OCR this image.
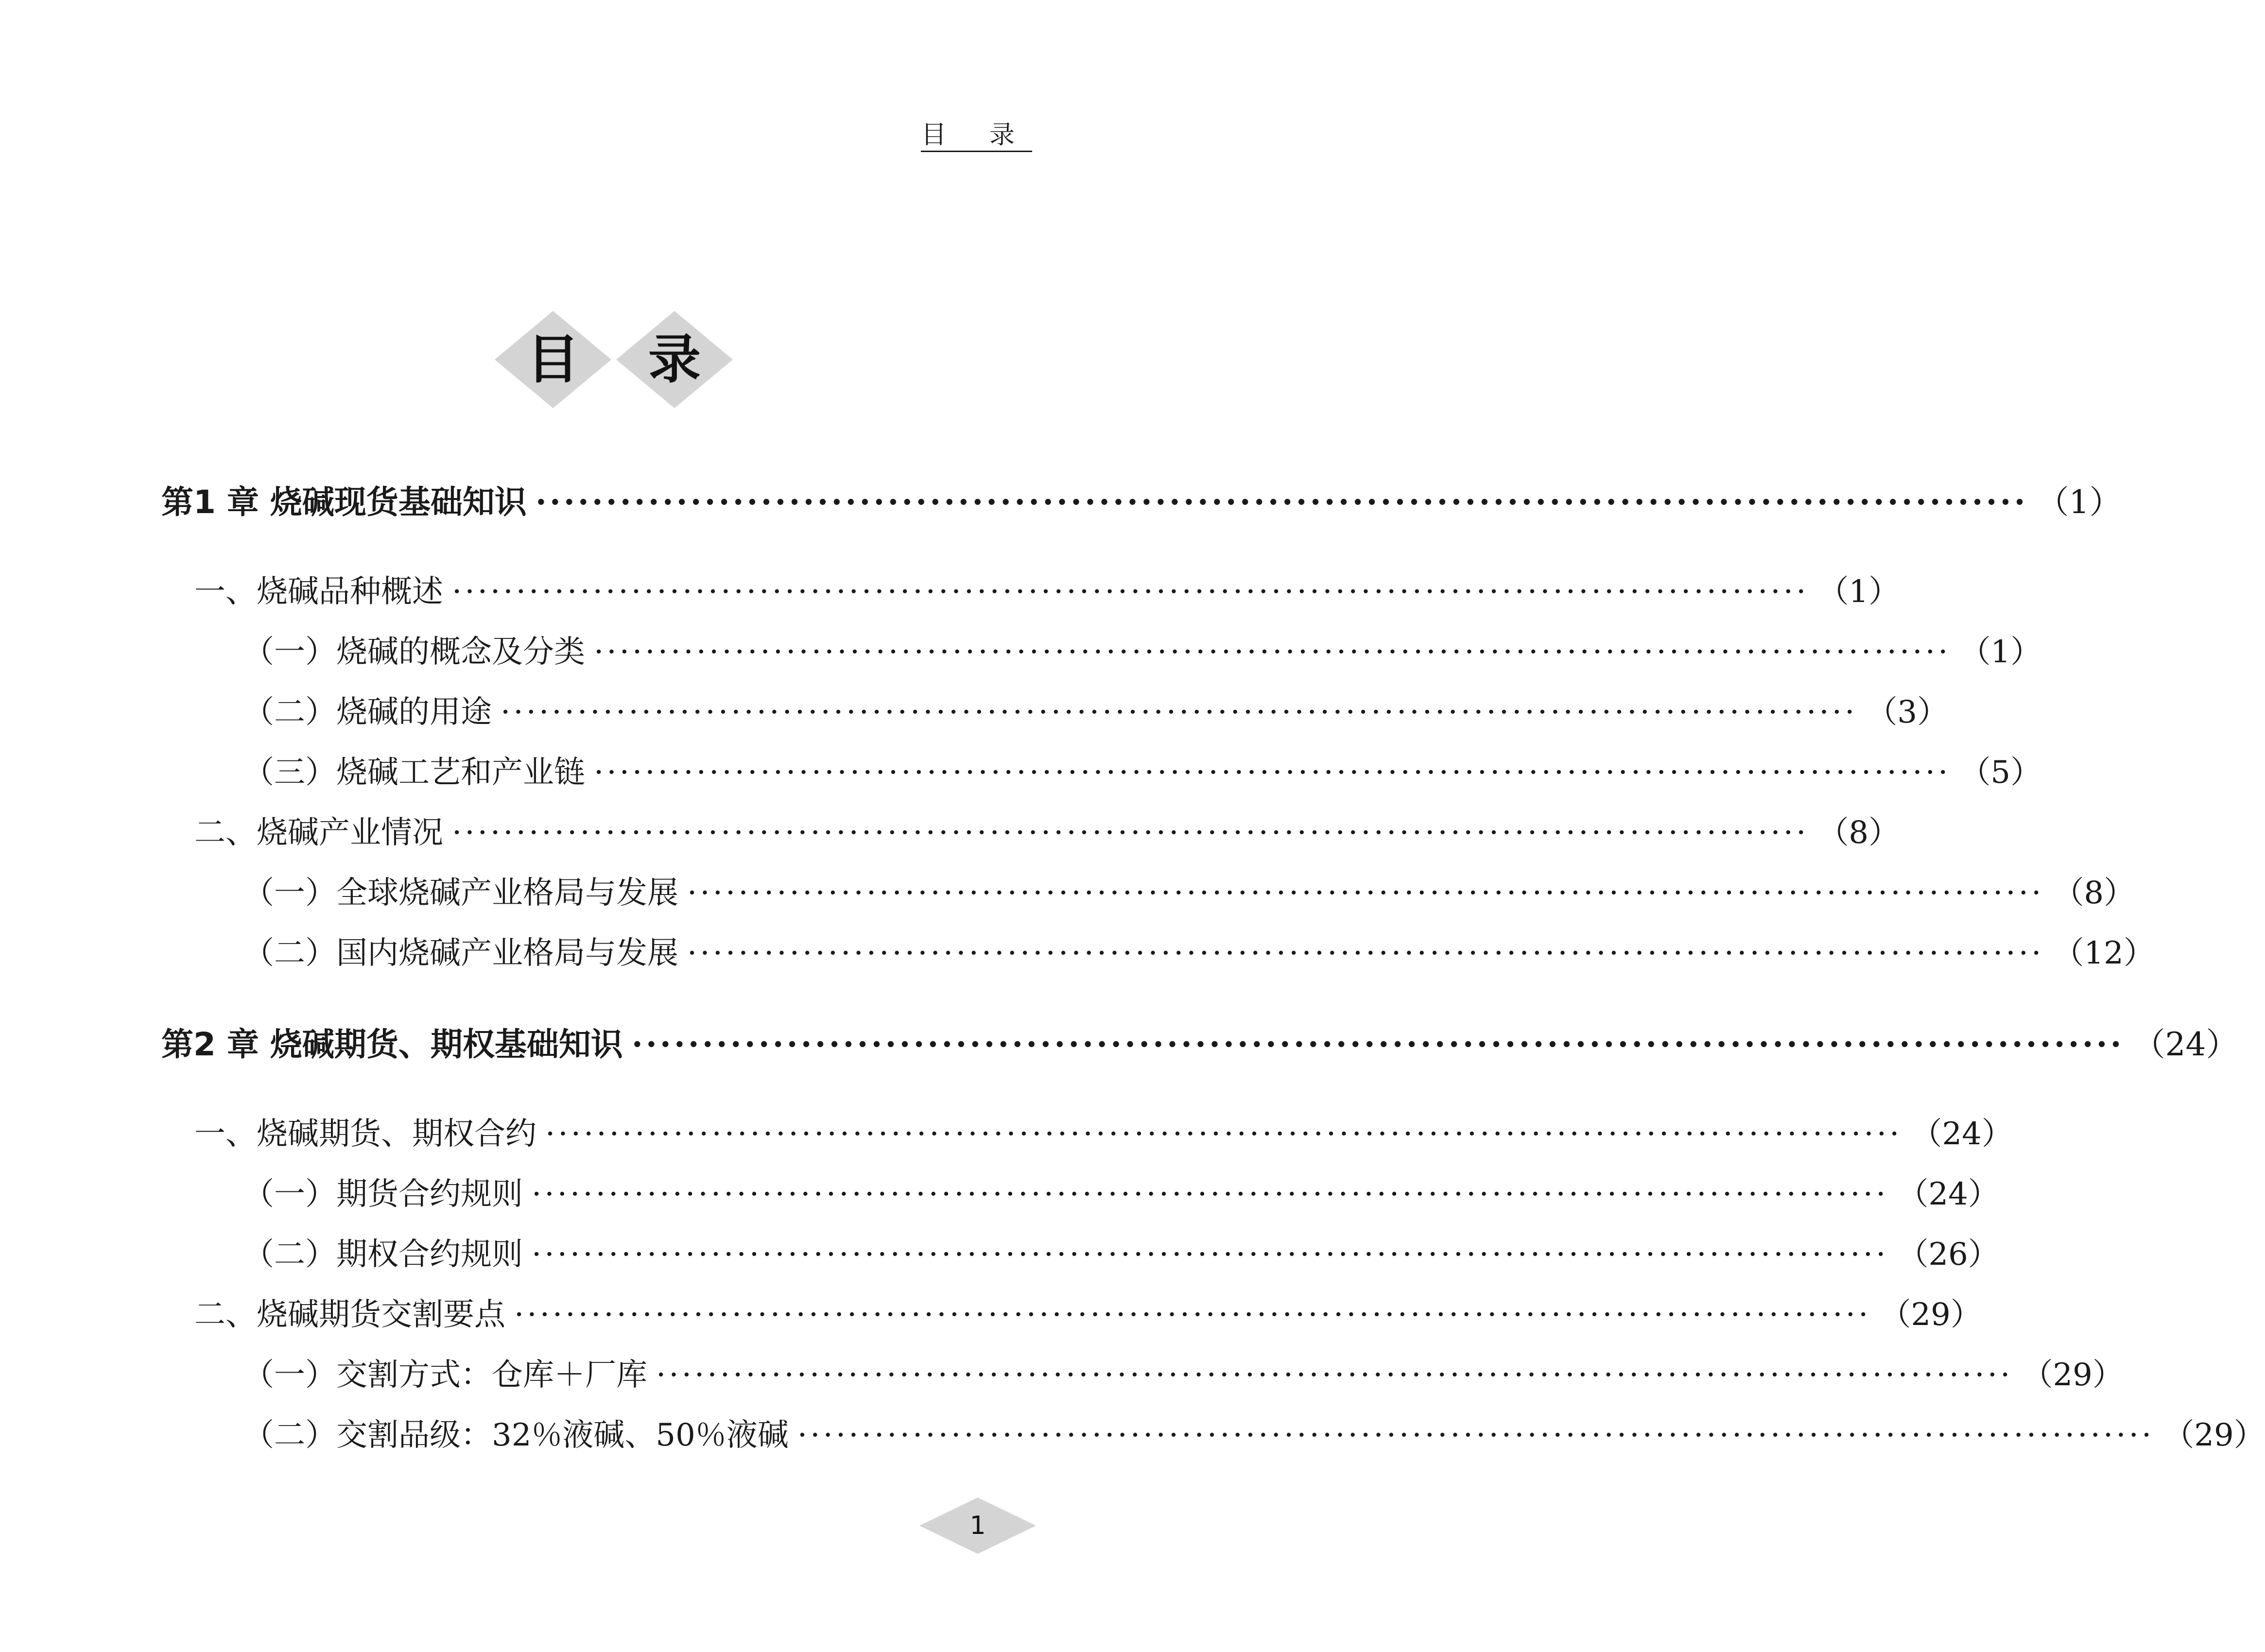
目 录
目	录
第1 章 烧碱现货基础知识 ·········································································································· （1）
一、烧碱品种概述 ·········································································································· （1）
（一）烧碱的概念及分类 ·········································································································· （1）
（二）烧碱的用途 ·········································································································· （3）
（三）烧碱工艺和产业链 ·········································································································· （5）
二、烧碱产业情况 ·········································································································· （8）
（一）全球烧碱产业格局与发展 ·········································································································· （8）
（二）国内烧碱产业格局与发展 ·········································································································· （12）
第2 章 烧碱期货、期权基础知识 ·········································································································· （24）
一、烧碱期货、期权合约 ·········································································································· （24）
（一）期货合约规则 ·········································································································· （24）
（二）期权合约规则 ·········································································································· （26）
二、烧碱期货交割要点 ·········································································································· （29）
（一）交割方式：仓库＋厂库 ·········································································································· （29）
（二）交割品级：32％液碱、50％液碱 ·········································································································· （29）
1
